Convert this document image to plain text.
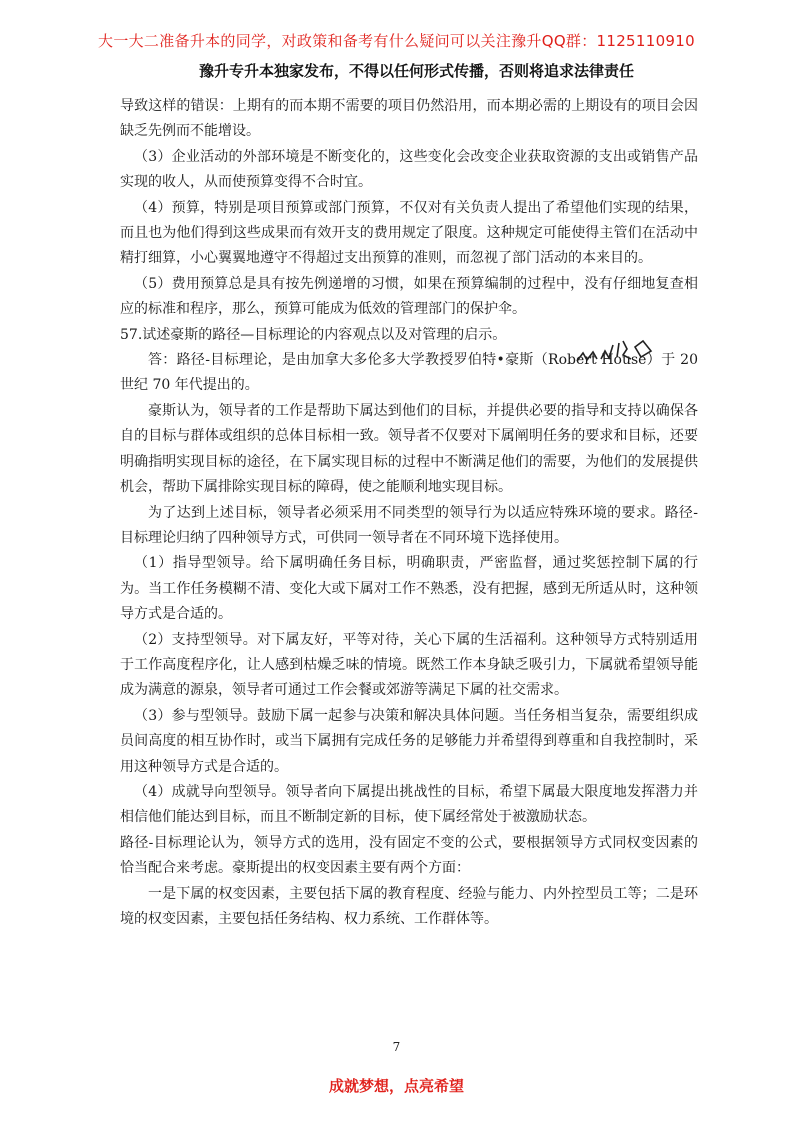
大一大二准备升本的同学，对政策和备考有什么疑问可以关注豫升QQ群：1125110910
豫升专升本独家发布，不得以任何形式传播，否则将追求法律责任

导致这样的错误：上期有的而本期不需要的项目仍然沿用，而本期必需的上期设有的项目会因缺乏先例而不能增设。

（3）企业活动的外部环境是不断变化的，这些变化会改变企业获取资源的支出或销售产品实现的收人，从而使预算变得不合时宜。

（4）预算，特别是项目预算或部门预算，不仅对有关负责人提出了希望他们实现的结果，而且也为他们得到这些成果而有效开支的费用规定了限度。这种规定可能使得主管们在活动中精打细算，小心翼翼地遵守不得超过支出预算的准则，而忽视了部门活动的本来目的。

（5）费用预算总是具有按先例递增的习惯，如果在预算编制的过程中，没有仔细地复查相应的标准和程序，那么，预算可能成为低效的管理部门的保护伞。

57.试述豪斯的路径—目标理论的内容观点以及对管理的启示。

答：路径-目标理论，是由加拿大多伦多大学教授罗伯特•豪斯（Robert House）于 20 世纪 70 年代提出的。

豪斯认为，领导者的工作是帮助下属达到他们的目标，并提供必要的指导和支持以确保各自的目标与群体或组织的总体目标相一致。领导者不仅要对下属阐明任务的要求和目标，还要明确指明实现目标的途径，在下属实现目标的过程中不断满足他们的需要，为他们的发展提供机会，帮助下属排除实现目标的障碍，使之能顺利地实现目标。

为了达到上述目标，领导者必须采用不同类型的领导行为以适应特殊环境的要求。路径-目标理论归纳了四种领导方式，可供同一领导者在不同环境下选择使用。

（1）指导型领导。给下属明确任务目标，明确职责，严密监督，通过奖惩控制下属的行为。当工作任务模糊不清、变化大或下属对工作不熟悉，没有把握，感到无所适从时，这种领导方式是合适的。

（2）支持型领导。对下属友好，平等对待，关心下属的生活福利。这种领导方式特别适用于工作高度程序化，让人感到枯燥乏味的情境。既然工作本身缺乏吸引力，下属就希望领导能成为满意的源泉，领导者可通过工作会餐或郊游等满足下属的社交需求。

（3）参与型领导。鼓励下属一起参与决策和解决具体问题。当任务相当复杂，需要组织成员间高度的相互协作时，或当下属拥有完成任务的足够能力并希望得到尊重和自我控制时，采用这种领导方式是合适的。

（4）成就导向型领导。领导者向下属提出挑战性的目标，希望下属最大限度地发挥潜力并相信他们能达到目标，而且不断制定新的目标，使下属经常处于被激励状态。

路径-目标理论认为，领导方式的选用，没有固定不变的公式，要根据领导方式同权变因素的恰当配合来考虑。豪斯提出的权变因素主要有两个方面：

一是下属的权变因素，主要包括下属的教育程度、经验与能力、内外控型员工等；二是环境的权变因素，主要包括任务结构、权力系统、工作群体等。

7
成就梦想，点亮希望
